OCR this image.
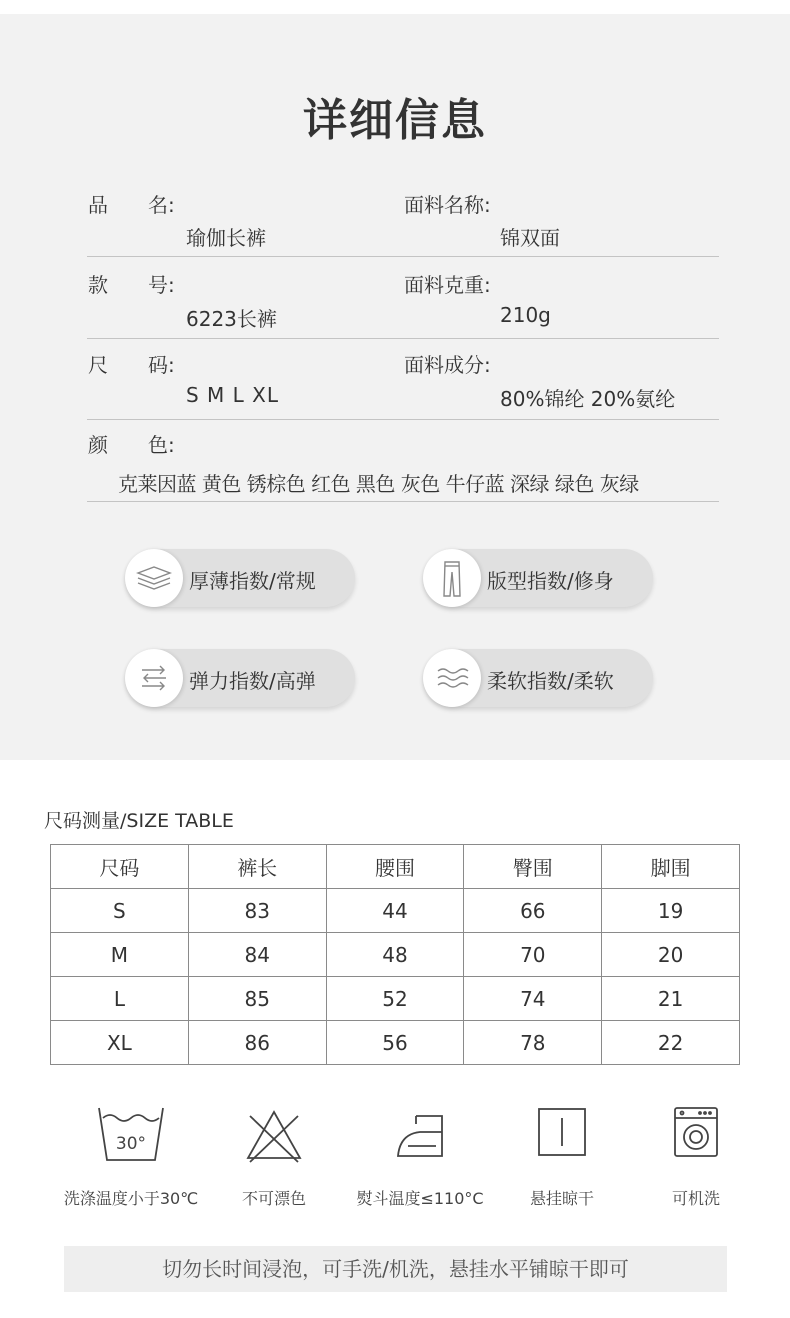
详细信息
品　　名:
瑜伽长裤
面料名称:
锦双面
款　　号:
6223长裤
面料克重:
210g
尺　　码:
S M L XL
面料成分:
80%锦纶 20%氨纶
颜　　色:
克莱因蓝 黄色 锈棕色 红色 黑色 灰色 牛仔蓝 深绿 绿色 灰绿
厚薄指数/常规	版型指数/修身
弹力指数/高弹	柔软指数/柔软
尺码测量/SIZE TABLE
尺码	裤长	腰围	臀围	脚围
S	83	44	66	19
M	84	48	70	20
L	85	52	74	21
XL	86	56	78	22
30°
洗涤温度小于30℃	不可漂色	熨斗温度≤110°C	悬挂晾干	可机洗
切勿长时间浸泡，可手洗/机洗，悬挂水平铺晾干即可
